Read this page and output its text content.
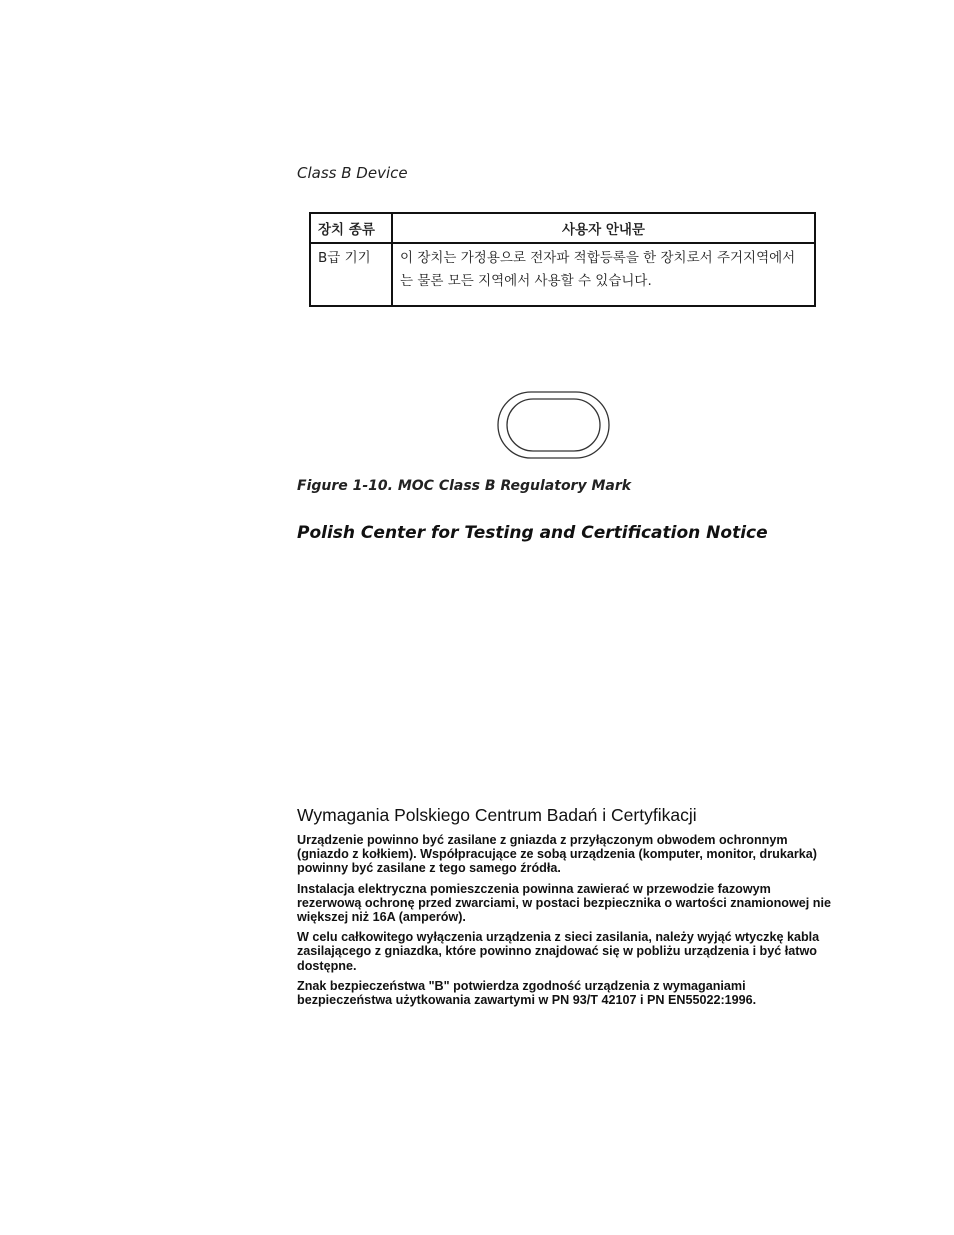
Class B Device
장치 종류	사용자 안내문
B급 기기	이 장치는 가정용으로 전자파 적합등록을 한 장치로서 주거지역에서는 물론 모든 지역에서 사용할 수 있습니다.
Figure 1-10. MOC Class B Regulatory Mark
Polish Center for Testing and Certification Notice
Wymagania Polskiego Centrum Badań i Certyfikacji

Urządzenie powinno być zasilane z gniazda z przyłączonym obwodem ochronnym (gniazdo z kołkiem). Współpracujące ze sobą urządzenia (komputer, monitor, drukarka) powinny być zasilane z tego samego źródła.

Instalacja elektryczna pomieszczenia powinna zawierać w przewodzie fazowym rezerwową ochronę przed zwarciami, w postaci bezpiecznika o wartości znamionowej nie większej niż 16A (amperów).

W celu całkowitego wyłączenia urządzenia z sieci zasilania, należy wyjąć wtyczkę kabla zasilającego z gniazdka, które powinno znajdować się w pobliżu urządzenia i być łatwo dostępne.

Znak bezpieczeństwa "B" potwierdza zgodność urządzenia z wymaganiami bezpieczeństwa użytkowania zawartymi w PN 93/T 42107 i PN EN55022:1996.
